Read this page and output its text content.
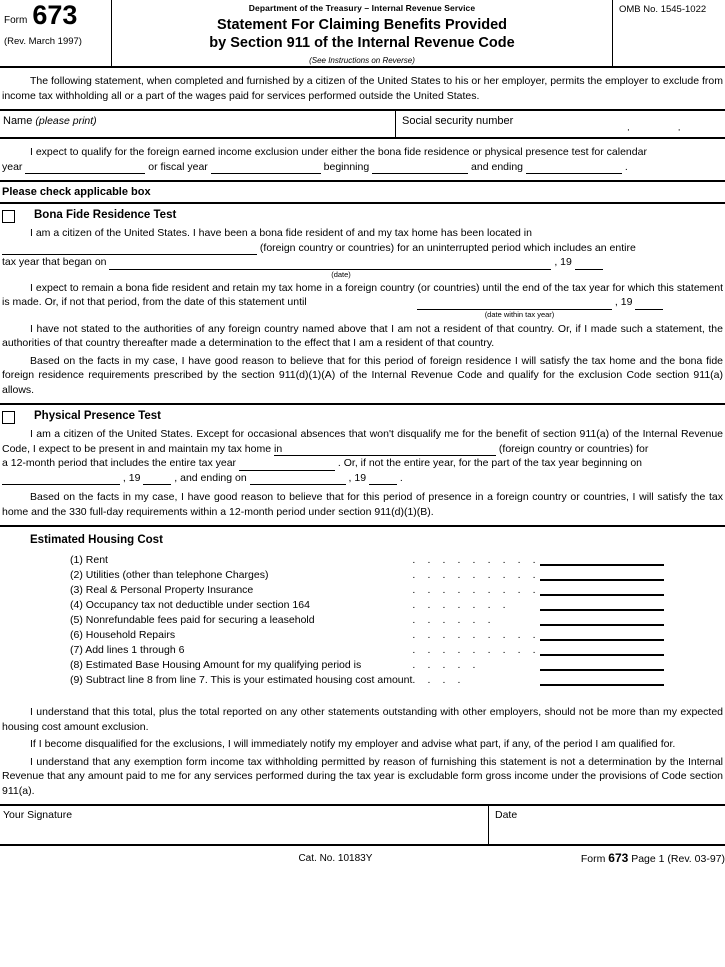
Form 673
(Rev. March 1997)
Department of the Treasury – Internal Revenue Service
Statement For Claiming Benefits Provided
by Section 911 of the Internal Revenue Code
(See Instructions on Reverse)
OMB No. 1545-1022
The following statement, when completed and furnished by a citizen of the United States to his or her employer, permits the employer to exclude from income tax withholding all or a part of the wages paid for services performed outside the United States.
Name (please print)	Social security number
· ·
I expect to qualify for the foreign earned income exclusion under either the bona fide residence or physical presence test for calendar
year	or fiscal year	beginning	and ending	.
Please check applicable box
Bona Fide Residence Test
I am a citizen of the United States. I have been a bona fide resident of and my tax home has been located in
(foreign country or countries) for an uninterrupted period which includes an entire
tax year that began on	, 19
(date)
I expect to remain a bona fide resident and retain my tax home in a foreign country (or countries) until the end of the tax year for which this statement is made. Or, if not that period, from the date of this statement until	, 19
(date within tax year)
I have not stated to the authorities of any foreign country named above that I am not a resident of that country. Or, if I made such a statement, the authorities of that country thereafter made a determination to the effect that I am a resident of that country.
Based on the facts in my case, I have good reason to believe that for this period of foreign residence I will satisfy the tax home and the bona fide foreign residence requirements prescribed by the section 911(d)(1)(A) of the Internal Revenue Code and qualify for the exclusion Code section 911(a) allows.
Physical Presence Test
I am a citizen of the United States. Except for occasional absences that won't disqualify me for the benefit of section 911(a) of the Internal Revenue Code, I expect to be present in and maintain my tax home in	(foreign country or countries) for
a 12-month period that includes the entire tax year	. Or, if not the entire year, for the part of the tax year beginning on
, 19	, and ending on	, 19	.
Based on the facts in my case, I have good reason to believe that for this period of presence in a foreign country or countries, I will satisfy the tax home and the 330 full-day requirements within a 12-month period under section 911(d)(1)(B).
Estimated Housing Cost
(1) Rent	. . . . . . . . .	

(2) Utilities (other than telephone Charges)	. . . . . . . . .	

(3) Real & Personal Property Insurance	. . . . . . . . .	

(4) Occupancy tax not deductible under section 164	. . . . . . .	

(5) Nonrefundable fees paid for securing a leasehold	. . . . . .	

(6) Household Repairs	. . . . . . . . .	

(7) Add lines 1 through 6	. . . . . . . . .	

(8) Estimated Base Housing Amount for my qualifying period is	. . . . .	

(9) Subtract line 8 from line 7. This is your estimated housing cost amount	. . . .	
I understand that this total, plus the total reported on any other statements outstanding with other employers, should not be more than my expected housing cost amount exclusion.
If I become disqualified for the exclusions, I will immediately notify my employer and advise what part, if any, of the period I am qualified for.
I understand that any exemption form income tax withholding permitted by reason of furnishing this statement is not a determination by the Internal Revenue that any amount paid to me for any services performed during the tax year is excludable form gross income under the provisions of Code section 911(a).
Your Signature	Date
Cat. No. 10183Y	Form 673 Page 1 (Rev. 03-97)
